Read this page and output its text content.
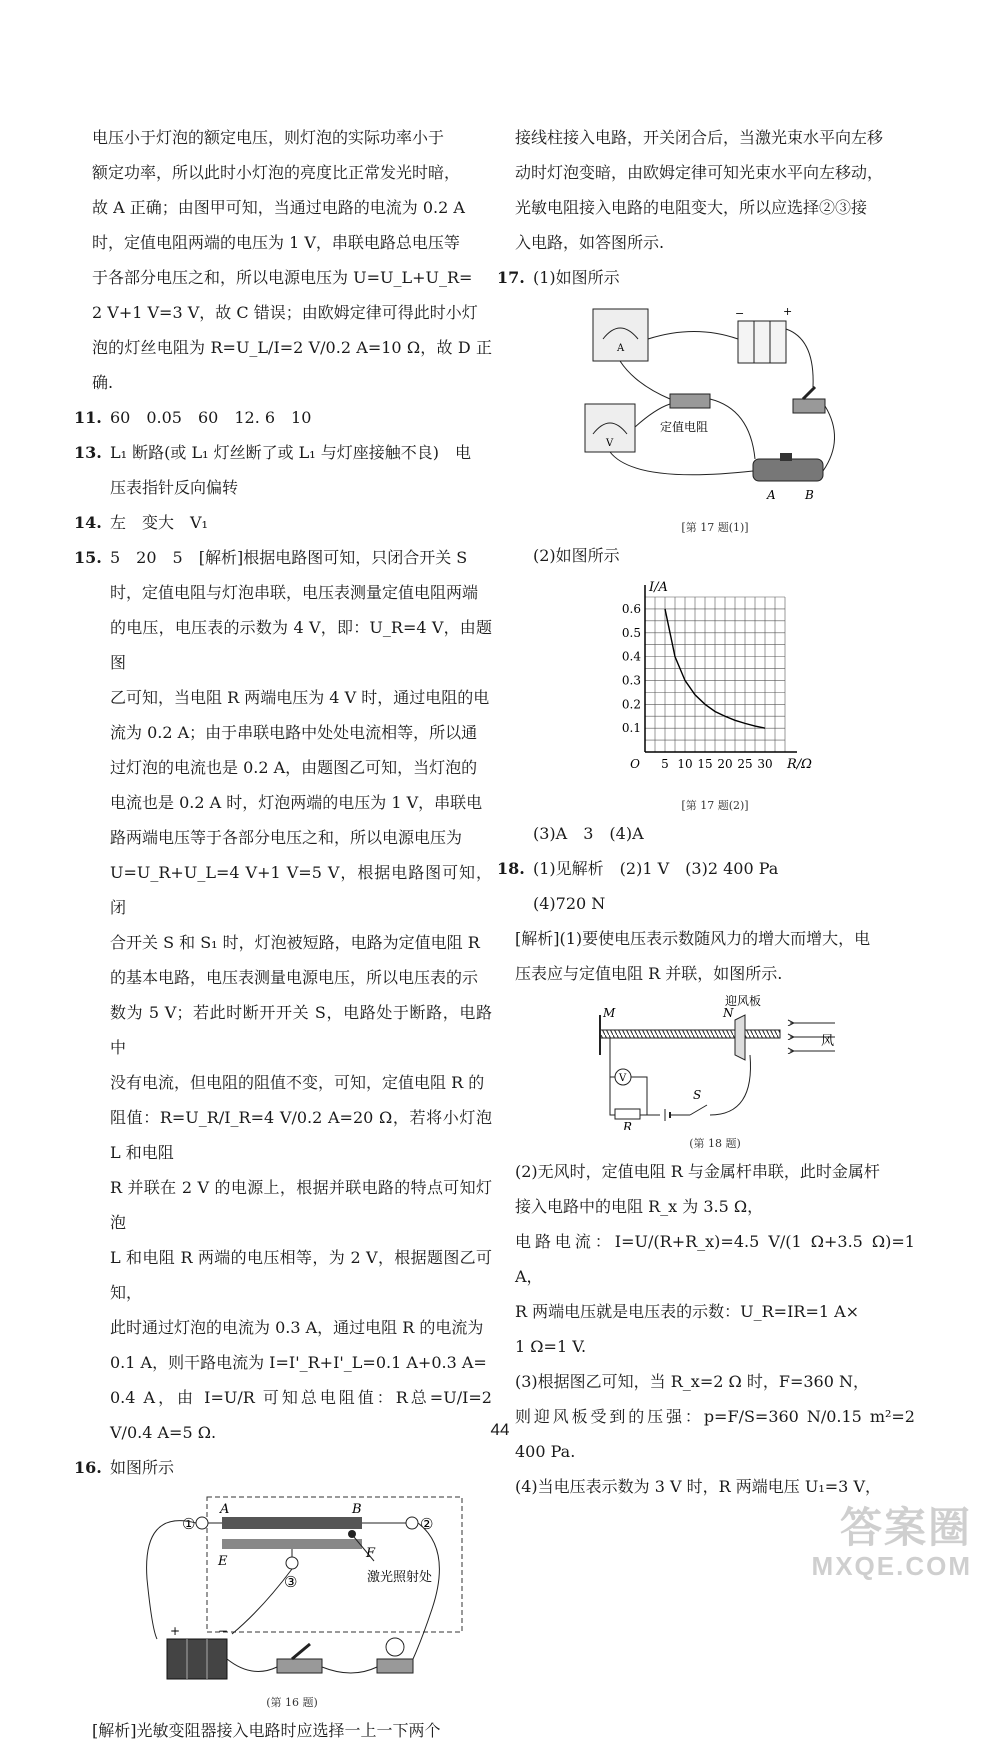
电压小于灯泡的额定电压，则灯泡的实际功率小于

额定功率，所以此时小灯泡的亮度比正常发光时暗，

故 A 正确；由图甲可知，当通过电路的电流为 0.2 A

时，定值电阻两端的电压为 1 V，串联电路总电压等

于各部分电压之和，所以电源电压为 U=U_L+U_R=

2 V+1 V=3 V，故 C 错误；由欧姆定律可得此时小灯

泡的灯丝电阻为 R=U_L/I=2 V/0.2 A=10 Ω，故 D 正确.

11. 60　0.05　60　12. 6　10

13. L₁ 断路(或 L₁ 灯丝断了或 L₁ 与灯座接触不良)　电
压表指针反向偏转

14. 左　变大　V₁

15. 5　20　5　[解析]根据电路图可知，只闭合开关 S

时，定值电阻与灯泡串联，电压表测量定值电阻两端

的电压，电压表的示数为 4 V，即：U_R=4 V，由题图

乙可知，当电阻 R 两端电压为 4 V 时，通过电阻的电

流为 0.2 A；由于串联电路中处处电流相等，所以通

过灯泡的电流也是 0.2 A，由题图乙可知，当灯泡的

电流也是 0.2 A 时，灯泡两端的电压为 1 V，串联电

路两端电压等于各部分电压之和，所以电源电压为

U=U_R+U_L=4 V+1 V=5 V，根据电路图可知，闭

合开关 S 和 S₁ 时，灯泡被短路，电路为定值电阻 R

的基本电路，电压表测量电源电压，所以电压表的示

数为 5 V；若此时断开开关 S，电路处于断路，电路中

没有电流，但电阻的阻值不变，可知，定值电阻 R 的

阻值：R=U_R/I_R=4 V/0.2 A=20 Ω，若将小灯泡 L 和电阻

R 并联在 2 V 的电源上，根据并联电路的特点可知灯泡

L 和电阻 R 两端的电压相等，为 2 V，根据题图乙可知，

此时通过灯泡的电流为 0.3 A，通过电阻 R 的电流为

0.1 A，则干路电流为 I=I'_R+I'_L=0.1 A+0.3 A=

0.4 A，由 I=U/R 可知总电阻值：R总=U/I=2 V/0.4 A=5 Ω.

16. 如图所示
A	B
E
F
①	②
③	激光照射处
+	−
(第 16 题)

[解析]光敏变阻器接入电路时应选择一上一下两个

接线柱接入电路，开关闭合后，当激光束水平向左移

动时灯泡变暗，由欧姆定律可知光束水平向左移动，

光敏电阻接入电路的电阻变大，所以应选择②③接

入电路，如答图所示.

17. (1)如图所示
A
−	+
定值电阻
V
A B
[第 17 题(1)]
(2)如图所示
0.1
0.2
0.3
0.4
0.5
0.6
5 10 15 20 25 30
O
I/A
R/Ω
[第 17 题(2)]
(3)A　3　(4)A
18. (1)见解析　(2)1 V　(3)2 400 Pa
(4)720 N

[解析](1)要使电压表示数随风力的增大而增大，电

压表应与定值电阻 R 并联，如图所示.

M	N
迎风板
风
R
V
S
(第 18 题)

(2)无风时，定值电阻 R 与金属杆串联，此时金属杆

接入电路中的电阻 R_x 为 3.5 Ω，

电路电流：I=U/(R+R_x)=4.5 V/(1 Ω+3.5 Ω)=1 A，

R 两端电压就是电压表的示数：U_R=IR=1 A×

1 Ω=1 V.

(3)根据图乙可知，当 R_x=2 Ω 时，F=360 N，

则迎风板受到的压强：p=F/S=360 N/0.15 m²=2 400 Pa.

(4)当电压表示数为 3 V 时，R 两端电压 U₁=3 V，

44
答案圈
MXQE.COM
